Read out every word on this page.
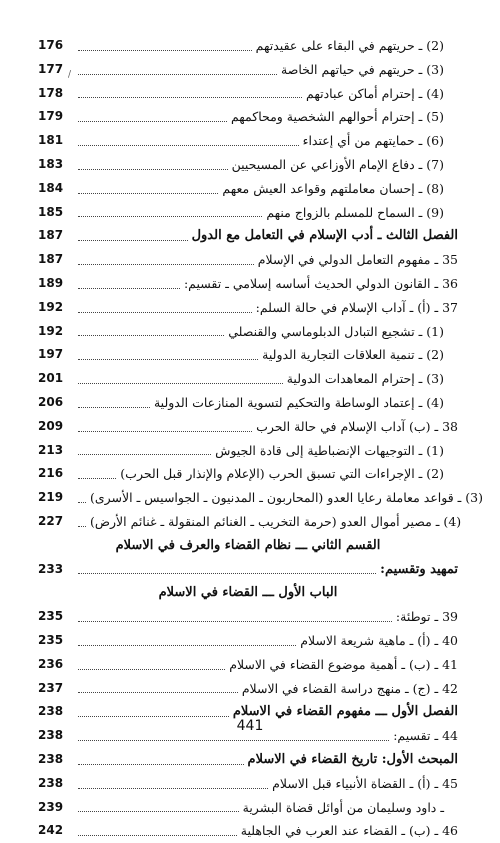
/
176	(2) ـ حريتهم في البقاء على عقيدتهم
177	(3) ـ حريتهم في حياتهم الخاصة
178	(4) ـ إحترام أماكن عبادتهم
179	(5) ـ إحترام أحوالهم الشخصية ومحاكمهم
181	(6) ـ حمايتهم من أي إعتداء
183	(7) ـ دفاع الإمام الأوزاعي عن المسيحيين
184	(8) ـ إحسان معاملتهم وقواعد العيش معهم
185	(9) ـ السماح للمسلم بالزواج منهم
187	الفصل الثالث ـ أدب الإسلام في التعامل مع الدول
187	35 ـ مفهوم التعامل الدولي في الإسلام
189	36 ـ القانون الدولي الحديث أساسه إسلامي ـ تقسيم:
192	37 ـ (أ) ـ آداب الإسلام في حالة السلم:
192	(1) ـ تشجيع التبادل الدبلوماسي والقنصلي
197	(2) ـ تنمية العلاقات التجارية الدولية
201	(3) ـ إحترام المعاهدات الدولية
206	(4) ـ إعتماد الوساطة والتحكيم لتسوية المنازعات الدولية
209	38 ـ (ب) آداب الإسلام في حالة الحرب
213	(1) ـ التوجيهات الإنضباطية إلى قادة الجيوش
216	(2) ـ الإجراءات التي تسبق الحرب (الإعلام والإنذار قبل الحرب)
219	(3) ـ قواعد معاملة رعايا العدو (المحاربون ـ المدنيون ـ الجواسيس ـ الأسرى)
227	(4) ـ مصير أموال العدو (حرمة التخريب ـ الغنائم المنقولة ـ غنائم الأرض)
القسم الثاني ـــ نظام القضاء والعرف في الاسلام
233	تمهيد وتقسيم:
الباب الأول ـــ القضاء في الاسلام
235	39 ـ توطئة:
235	40 ـ (أ) ـ ماهية شريعة الاسلام
236	41 ـ (ب) ـ أهمية موضوع القضاء في الاسلام
237	42 ـ (ج) ـ منهج دراسة القضاء في الاسلام
238	الفصل الأول ـــ مفهوم القضاء في الاسلام
238	44 ـ تقسيم:
238	المبحث الأول: تاريخ القضاء في الاسلام
238	45 ـ (أ) ـ القضاة الأنبياء قبل الاسلام
239	ـ داود وسليمان من أوائل قضاة البشرية
242	46 ـ (ب) ـ القضاء عند العرب في الجاهلية
441
